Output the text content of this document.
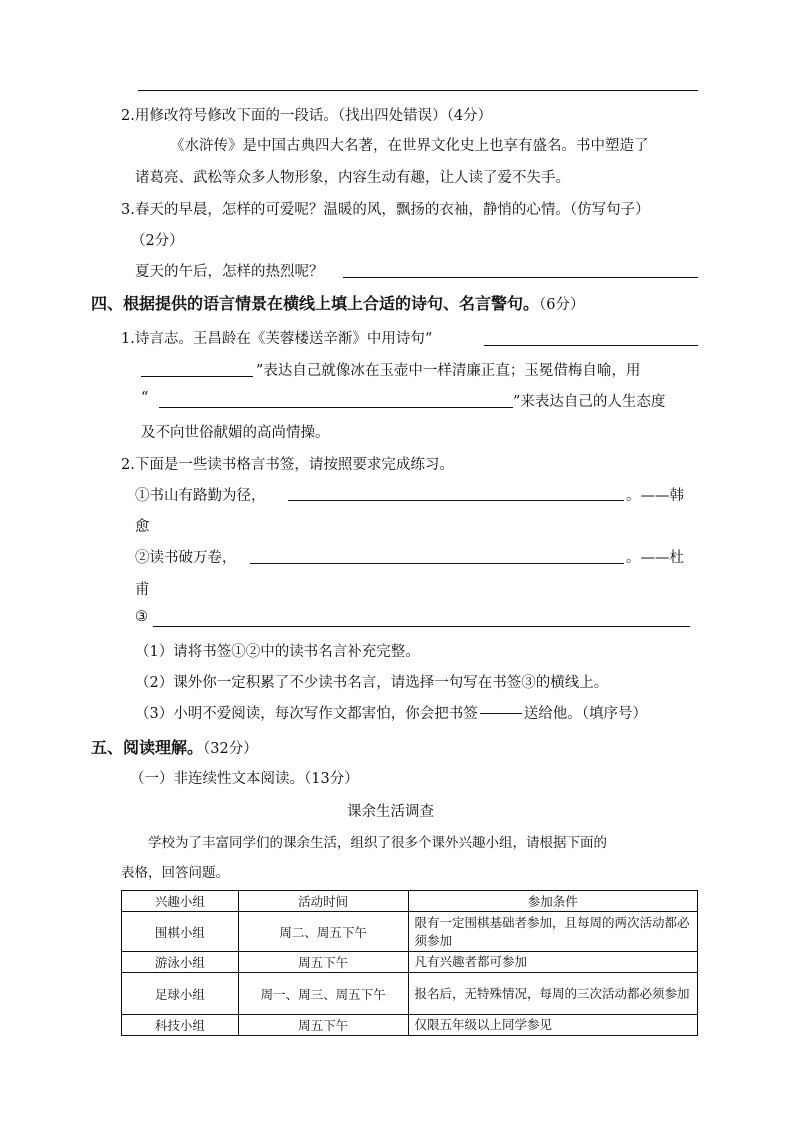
2.用修改符号修改下面的一段话。（找出四处错误）（4分）
《水浒传》是中国古典四大名著，在世界文化史上也享有盛名。书中塑造了
诸葛亮、武松等众多人物形象，内容生动有趣，让人读了爱不失手。
3.春天的早晨，怎样的可爱呢？温暖的风，飘扬的衣袖，静悄的心情。（仿写句子）
（2分）
夏天的午后，怎样的热烈呢？
四、根据提供的语言情景在横线上填上合适的诗句、名言警句。（6分）
1.诗言志。王昌龄在《芙蓉楼送辛渐》中用诗句“
”表达自己就像冰在玉壶中一样清廉正直；玉冕借梅自喻，用
“	”来表达自己的人生态度
及不向世俗献媚的高尚情操。
2.下面是一些读书格言书签，请按照要求完成练习。
①书山有路勤为径，	。——韩
愈
②读书破万卷，	。——杜
甫
③
（1）请将书签①②中的读书名言补充完整。
（2）课外你一定积累了不少读书名言，请选择一句写在书签③的横线上。
（3）小明不爱阅读，每次写作文都害怕，你会把书签	送给他。（填序号）
五、阅读理解。（32分）
（一）非连续性文本阅读。（13分）
课余生活调查
学校为了丰富同学们的课余生活，组织了很多个课外兴趣小组，请根据下面的
表格，回答问题。
兴趣小组	活动时间	参加条件
围棋小组	周二、周五下午	限有一定围棋基础者参加，且每周的两次活动都必须参加
游泳小组	周五下午	凡有兴趣者都可参加
足球小组	周一、周三、周五下午	报名后，无特殊情况，每周的三次活动都必须参加
科技小组	周五下午	仅限五年级以上同学参见
